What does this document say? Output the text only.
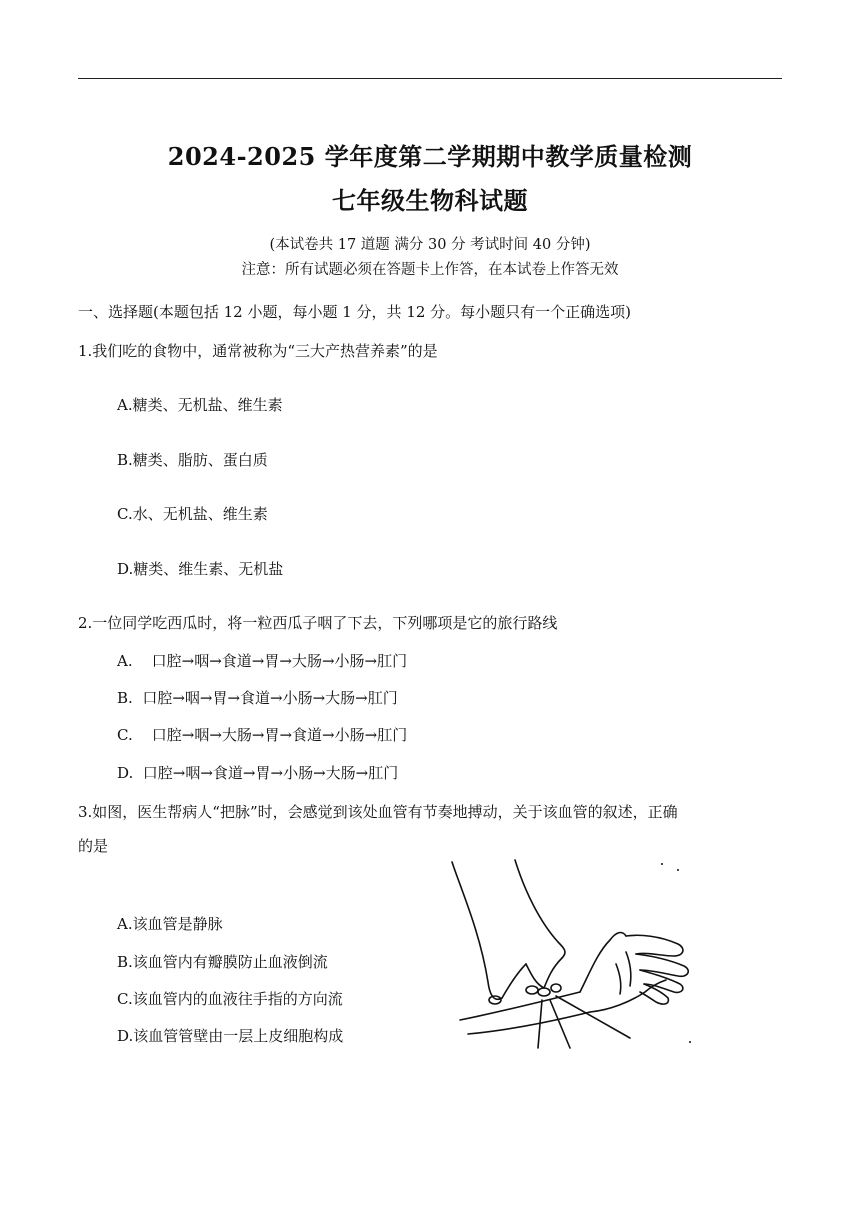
2024-2025 学年度第二学期期中教学质量检测
七年级生物科试题
(本试卷共 17 道题 满分 30 分 考试时间 40 分钟)
注意：所有试题必须在答题卡上作答，在本试卷上作答无效
一、选择题(本题包括 12 小题，每小题 1 分，共 12 分。每小题只有一个正确选项)
1.我们吃的食物中，通常被称为“三大产热营养素”的是
A.糖类、无机盐、维生素
B.糖类、脂肪、蛋白质
C.水、无机盐、维生素
D.糖类、维生素、无机盐
2.一位同学吃西瓜时，将一粒西瓜子咽了下去，下列哪项是它的旅行路线
A.    口腔→咽→食道→胃→大肠→小肠→肛门
B.  口腔→咽→胃→食道→小肠→大肠→肛门
C.    口腔→咽→大肠→胃→食道→小肠→肛门
D.  口腔→咽→食道→胃→小肠→大肠→肛门
3.如图，医生帮病人“把脉”时，会感觉到该处血管有节奏地搏动，关于该血管的叙述，正确
的是
A.该血管是静脉
B.该血管内有瓣膜防止血液倒流
C.该血管内的血液往手指的方向流
D.该血管管壁由一层上皮细胞构成
